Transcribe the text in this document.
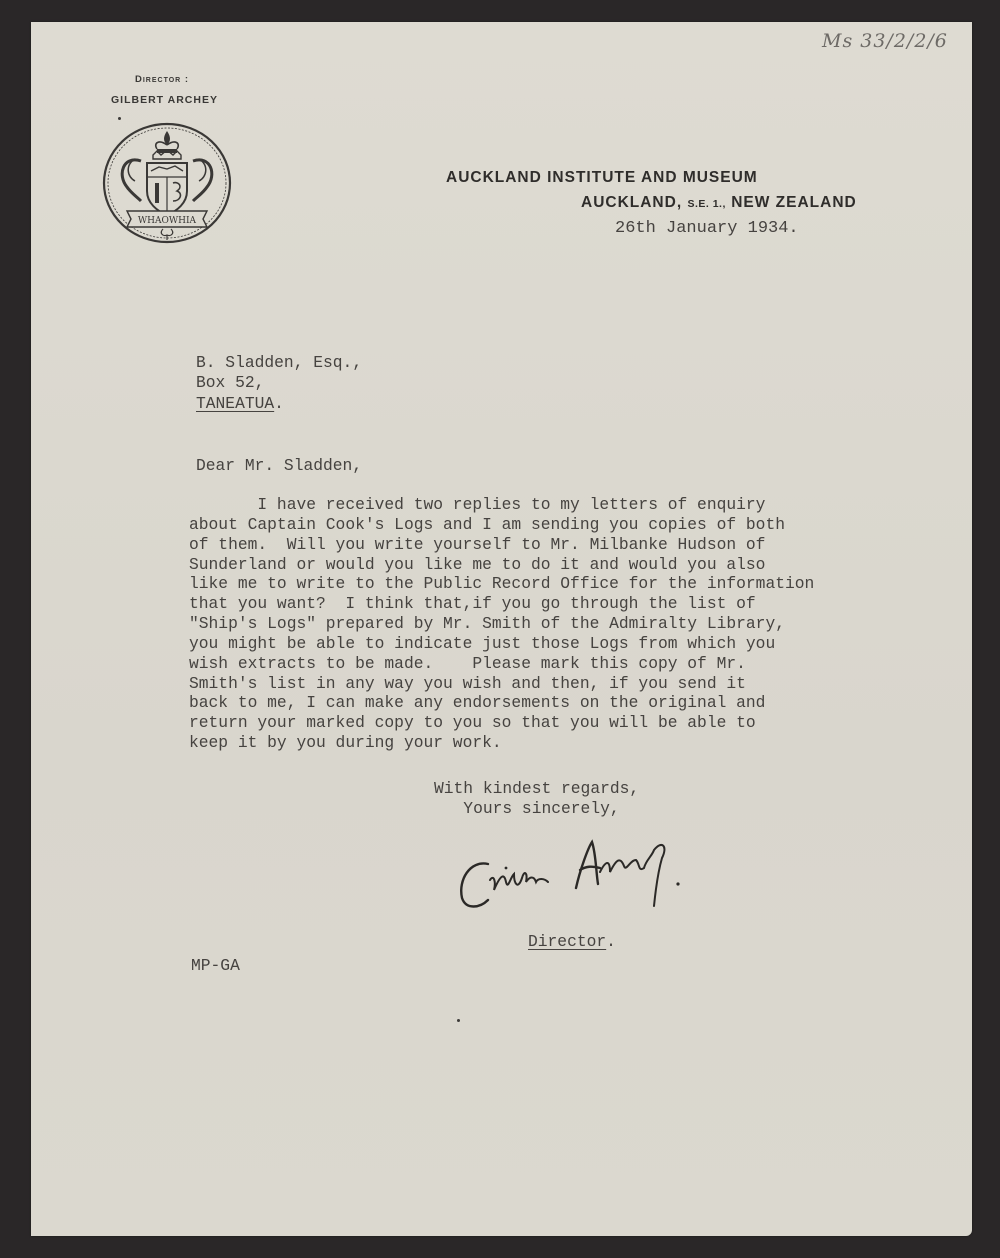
Ms 33/2/2/6
Director :
GILBERT ARCHEY
WHAOWHIA
AUCKLAND INSTITUTE AND MUSEUM
AUCKLAND, S.E. 1., NEW ZEALAND
26th January 1934.
B. Sladden, Esq.,
Box 52,
TANEATUA.
Dear Mr. Sladden,
I have received two replies to my letters of enquiry
about Captain Cook's Logs and I am sending you copies of both
of them.  Will you write yourself to Mr. Milbanke Hudson of
Sunderland or would you like me to do it and would you also
like me to write to the Public Record Office for the information
that you want?  I think that,if you go through the list of
"Ship's Logs" prepared by Mr. Smith of the Admiralty Library,
you might be able to indicate just those Logs from which you
wish extracts to be made.    Please mark this copy of Mr.
Smith's list in any way you wish and then, if you send it
back to me, I can make any endorsements on the original and
return your marked copy to you so that you will be able to
keep it by you during your work.
With kindest regards,
Yours sincerely,
Director.
MP-GA
